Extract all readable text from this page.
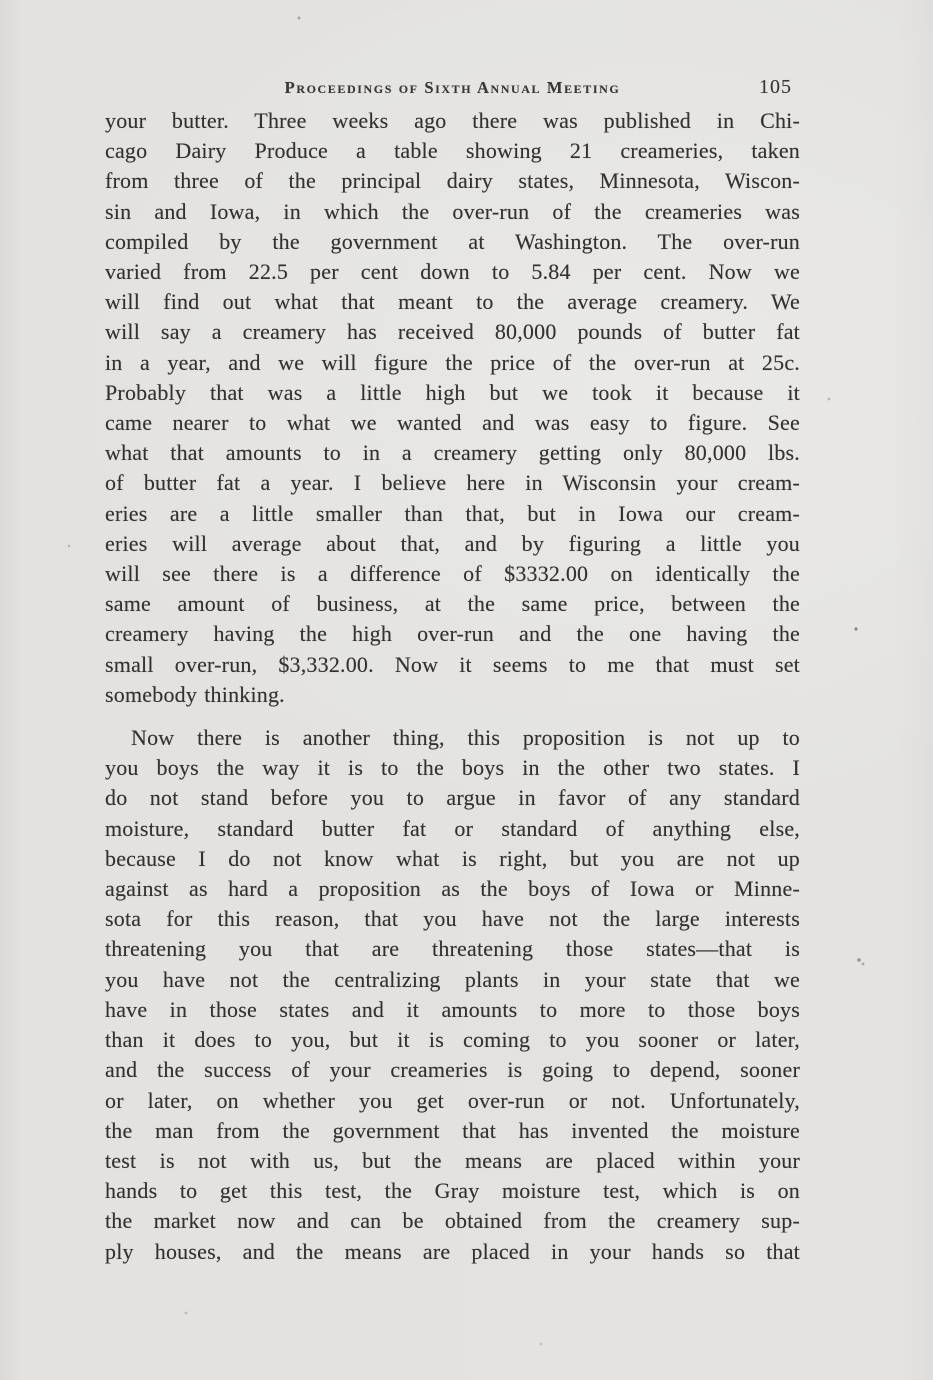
Proceedings of Sixth Annual Meeting	105
your butter. Three weeks ago there was published in Chi-
cago Dairy Produce a table showing 21 creameries, taken
from three of the principal dairy states, Minnesota, Wiscon-
sin and Iowa, in which the over-run of the creameries was
compiled by the government at Washington. The over-run
varied from 22.5 per cent down to 5.84 per cent. Now we
will find out what that meant to the average creamery. We
will say a creamery has received 80,000 pounds of butter fat
in a year, and we will figure the price of the over-run at 25c.
Probably that was a little high but we took it because it
came nearer to what we wanted and was easy to figure. See
what that amounts to in a creamery getting only 80,000 lbs.
of butter fat a year. I believe here in Wisconsin your cream-
eries are a little smaller than that, but in Iowa our cream-
eries will average about that, and by figuring a little you
will see there is a difference of $3332.00 on identically the
same amount of business, at the same price, between the
creamery having the high over-run and the one having the
small over-run, $3,332.00. Now it seems to me that must set
somebody thinking.
Now there is another thing, this proposition is not up to
you boys the way it is to the boys in the other two states. I
do not stand before you to argue in favor of any standard
moisture, standard butter fat or standard of anything else,
because I do not know what is right, but you are not up
against as hard a proposition as the boys of Iowa or Minne-
sota for this reason, that you have not the large interests
threatening you that are threatening those states—that is
you have not the centralizing plants in your state that we
have in those states and it amounts to more to those boys
than it does to you, but it is coming to you sooner or later,
and the success of your creameries is going to depend, sooner
or later, on whether you get over-run or not. Unfortunately,
the man from the government that has invented the moisture
test is not with us, but the means are placed within your
hands to get this test, the Gray moisture test, which is on
the market now and can be obtained from the creamery sup-
ply houses, and the means are placed in your hands so that
